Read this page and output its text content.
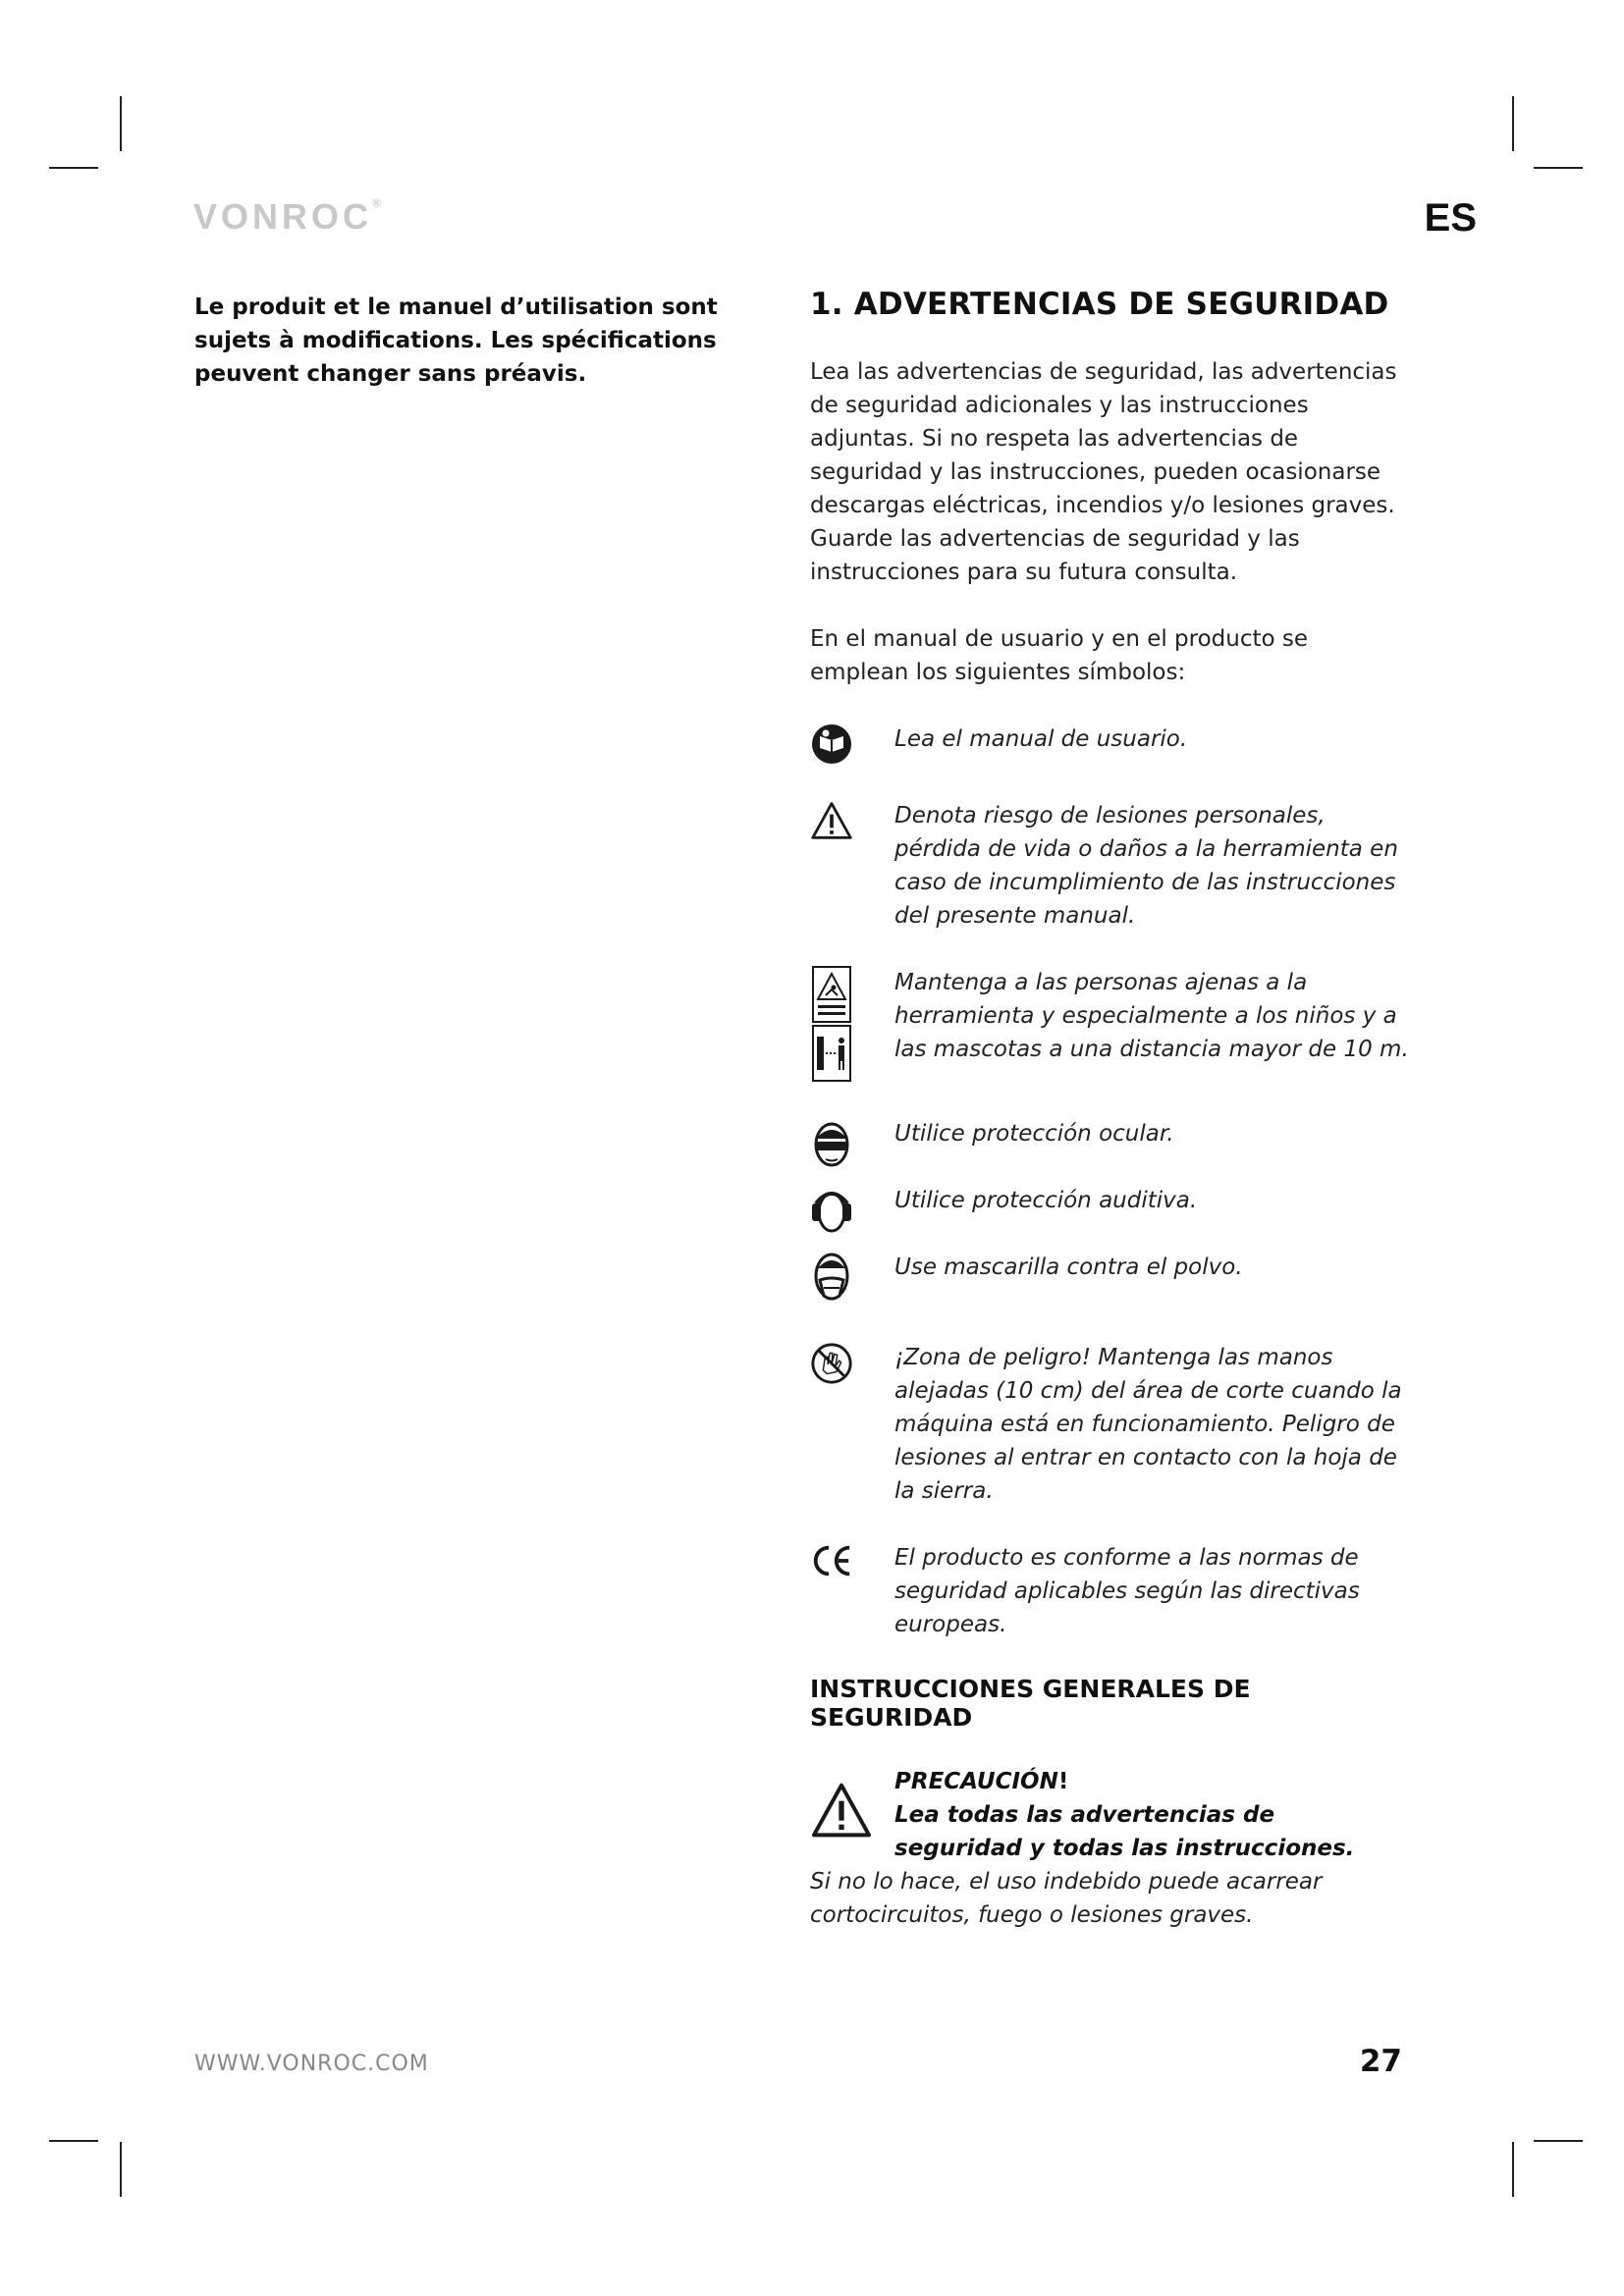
VONROC®	ES
Le produit et le manuel d’utilisation sont sujets à modifications. Les spécifications peuvent changer sans préavis.
1. ADVERTENCIAS DE SEGURIDAD

Lea las advertencias de seguridad, las advertencias de seguridad adicionales y las instrucciones adjuntas. Si no respeta las advertencias de seguridad y las instrucciones, pueden ocasionarse descargas eléctricas, incendios y/o lesiones graves. Guarde las advertencias de seguridad y las instrucciones para su futura consulta.

En el manual de usuario y en el producto se emplean los siguientes símbolos:

Lea el manual de usuario.
Denota riesgo de lesiones personales, pérdida de vida o daños a la herramienta en caso de incumplimiento de las instrucciones del presente manual.
Mantenga a las personas ajenas a la herramienta y especialmente a los niños y a las mascotas a una distancia mayor de 10 m.
Utilice protección ocular.
Utilice protección auditiva.
Use mascarilla contra el polvo.
¡Zona de peligro! Mantenga las manos alejadas (10 cm) del área de corte cuando la máquina está en funcionamiento. Peligro de lesiones al entrar en contacto con la hoja de la sierra.
El producto es conforme a las normas de seguridad aplicables según las directivas europeas.
INSTRUCCIONES GENERALES DE SEGURIDAD
PRECAUCIÓN!
Lea todas las advertencias de seguridad y todas las instrucciones.
Si no lo hace, el uso indebido puede acarrear cortocircuitos, fuego o lesiones graves.
WWW.VONROC.COM	27
